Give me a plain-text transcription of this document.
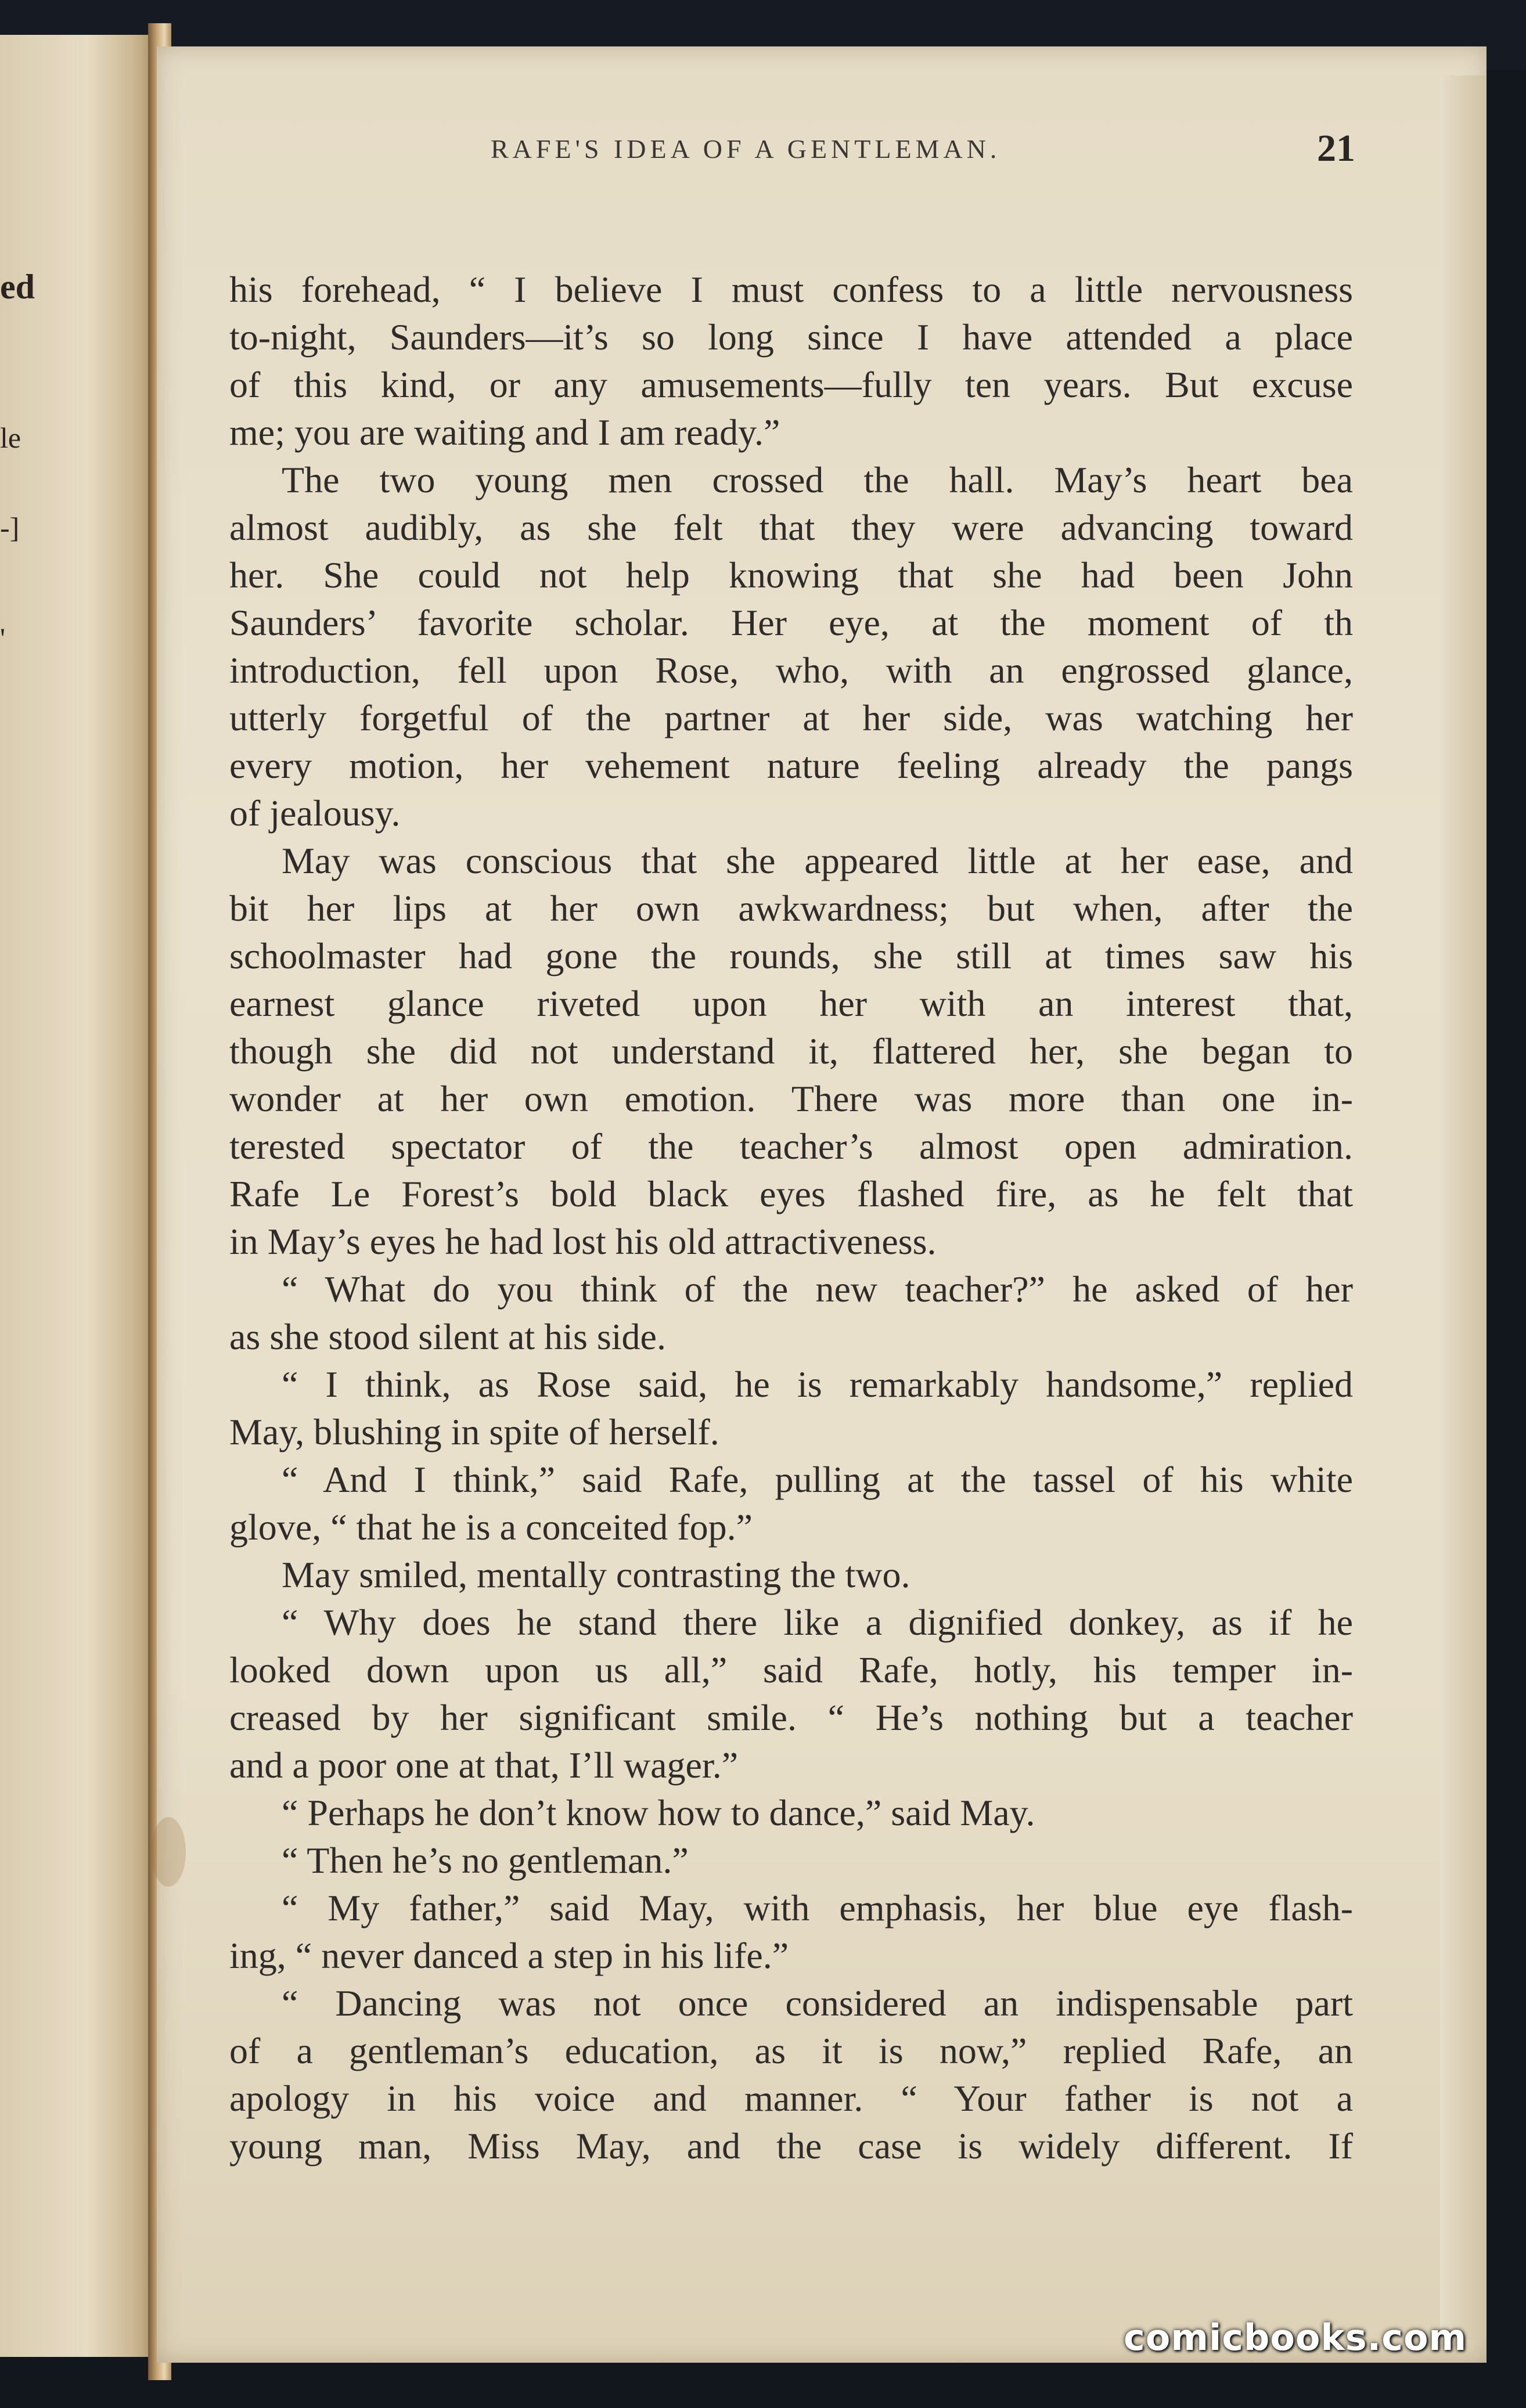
ed
le
-]
'
RAFE'S IDEA OF A GENTLEMAN.	21
his forehead, “ I believe I must confess to a little nervousness
to-night, Saunders—it’s so long since I have attended a place
of this kind, or any amusements—fully ten years. But excuse
me; you are waiting and I am ready.”
The two young men crossed the hall. May’s heart bea
almost audibly, as she felt that they were advancing toward
her. She could not help knowing that she had been John
Saunders’ favorite scholar. Her eye, at the moment of th
introduction, fell upon Rose, who, with an engrossed glance,
utterly forgetful of the partner at her side, was watching her
every motion, her vehement nature feeling already the pangs
of jealousy.
May was conscious that she appeared little at her ease, and
bit her lips at her own awkwardness; but when, after the
schoolmaster had gone the rounds, she still at times saw his
earnest glance riveted upon her with an interest that,
though she did not understand it, flattered her, she began to
wonder at her own emotion. There was more than one in-
terested spectator of the teacher’s almost open admiration.
Rafe Le Forest’s bold black eyes flashed fire, as he felt that
in May’s eyes he had lost his old attractiveness.
“ What do you think of the new teacher?” he asked of her
as she stood silent at his side.
“ I think, as Rose said, he is remarkably handsome,” replied
May, blushing in spite of herself.
“ And I think,” said Rafe, pulling at the tassel of his white
glove, “ that he is a conceited fop.”
May smiled, mentally contrasting the two.
“ Why does he stand there like a dignified donkey, as if he
looked down upon us all,” said Rafe, hotly, his temper in-
creased by her significant smile. “ He’s nothing but a teacher
and a poor one at that, I’ll wager.”
“ Perhaps he don’t know how to dance,” said May.
“ Then he’s no gentleman.”
“ My father,” said May, with emphasis, her blue eye flash-
ing, “ never danced a step in his life.”
“ Dancing was not once considered an indispensable part
of a gentleman’s education, as it is now,” replied Rafe, an
apology in his voice and manner. “ Your father is not a
young man, Miss May, and the case is widely different. If
comicbooks.com
